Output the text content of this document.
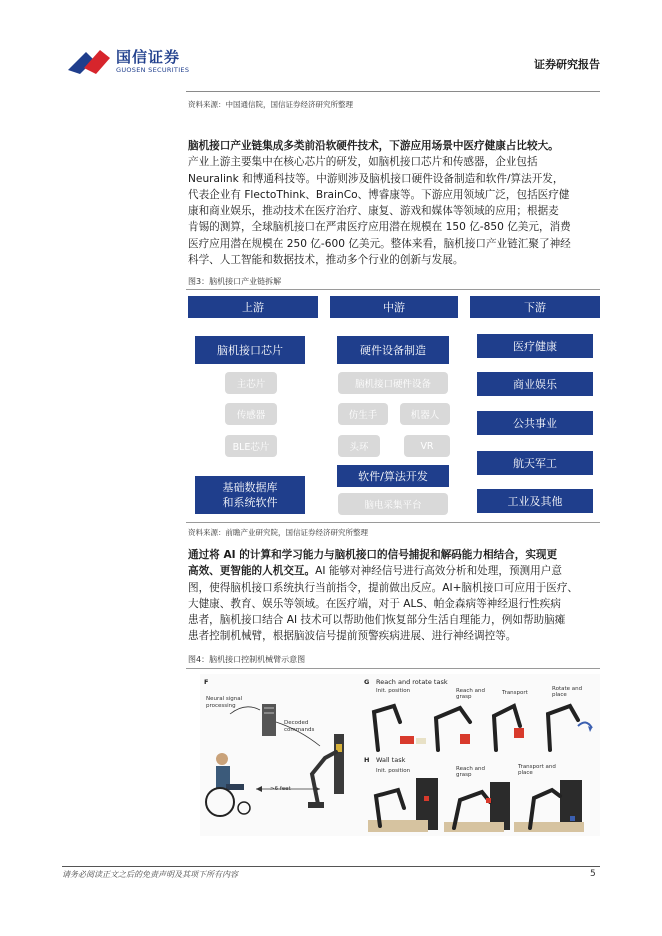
国信证券
GUOSEN SECURITIES	证券研究报告
资料来源：中国通信院，国信证券经济研究所整理
脑机接口产业链集成多类前沿软硬件技术，下游应用场景中医疗健康占比较大。
产业上游主要集中在核心芯片的研发，如脑机接口芯片和传感器，企业包括
Neuralink 和博通科技等。中游则涉及脑机接口硬件设备制造和软件/算法开发，
代表企业有 FlectoThink、BrainCo、博睿康等。下游应用领域广泛，包括医疗健
康和商业娱乐，推动技术在医疗治疗、康复、游戏和媒体等领域的应用；根据麦
肯锡的测算，全球脑机接口在严肃医疗应用潜在规模在 150 亿-850 亿美元，消费
医疗应用潜在规模在 250 亿-600 亿美元。整体来看，脑机接口产业链汇聚了神经
科学、人工智能和数据技术，推动多个行业的创新与发展。
图3：脑机接口产业链拆解
上游	中游	下游
脑机接口芯片
主芯片
传感器
BLE芯片
基础数据库
和系统软件
硬件设备制造
脑机接口硬件设备
仿生手	机器人
头环	VR
软件/算法开发
脑电采集平台
医疗健康
商业娱乐
公共事业
航天军工
工业及其他
资料来源：前瞻产业研究院，国信证券经济研究所整理
通过将 AI 的计算和学习能力与脑机接口的信号捕捉和解码能力相结合，实现更
高效、更智能的人机交互。AI 能够对神经信号进行高效分析和处理，预测用户意
图，使得脑机接口系统执行当前指令，提前做出反应。AI+脑机接口可应用于医疗、
大健康、教育、娱乐等领域。在医疗端，对于 ALS、帕金森病等神经退行性疾病
患者，脑机接口结合 AI 技术可以帮助他们恢复部分生活自理能力，例如帮助脑瘫
患者控制机械臂，根据脑波信号提前预警疾病进展、进行神经调控等。
图4：脑机接口控制机械臂示意图
F
Neural signal
processing
Decoded
commands
>6 feet
G Reach and rotate task
Init. position	Reach and grasp
Transport
Rotate and place
H Wall task
Init. position	Reach and grasp
Transport and place
请务必阅读正文之后的免责声明及其项下所有内容	5
